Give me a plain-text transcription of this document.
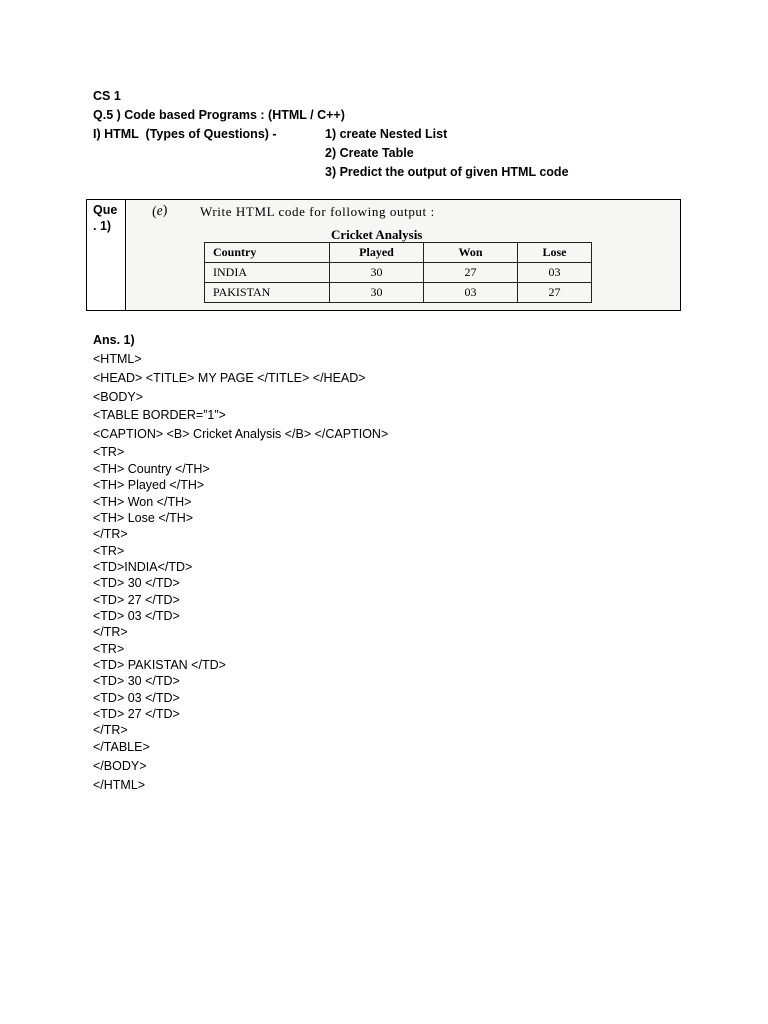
CS 1
Q.5 ) Code based Programs : (HTML / C++)
I) HTML  (Types of Questions) -	1) create Nested List
2) Create Table
3) Predict the output of given HTML code
Que
. 1)
(e) Write HTML code for following output :
Cricket Analysis
Country	Played	Won	Lose
INDIA	30	27	03
PAKISTAN	30	03	27
Ans. 1)
<HTML>
<HEAD> <TITLE> MY PAGE </TITLE> </HEAD>
<BODY>
<TABLE BORDER=”1”>
<CAPTION> <B> Cricket Analysis </B> </CAPTION>
<TR>
<TH> Country </TH>
<TH> Played </TH>
<TH> Won </TH>
<TH> Lose </TH>
</TR>
<TR>
<TD>INDIA</TD>
<TD> 30 </TD>
<TD> 27 </TD>
<TD> 03 </TD>
</TR>
<TR>
<TD> PAKISTAN </TD>
<TD> 30 </TD>
<TD> 03 </TD>
<TD> 27 </TD>
</TR>
</TABLE>
</BODY>
</HTML>
